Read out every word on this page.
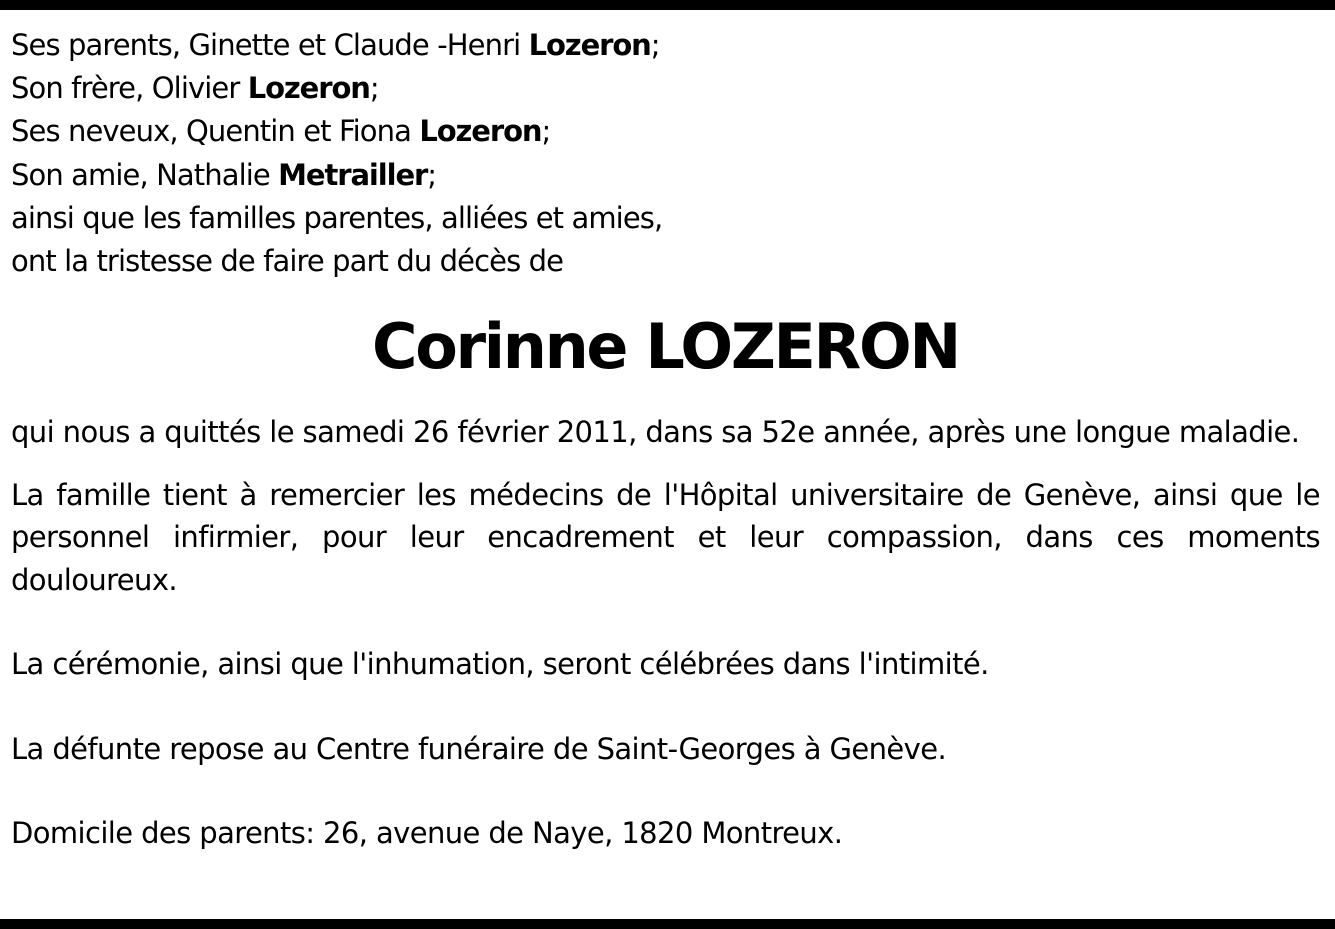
Ses parents, Ginette et Claude -Henri Lozeron;
Son frère, Olivier Lozeron;
Ses neveux, Quentin et Fiona Lozeron;
Son amie, Nathalie Metrailler;
ainsi que les familles parentes, alliées et amies,
ont la tristesse de faire part du décès de
Corinne LOZERON

qui nous a quittés le samedi 26 février 2011, dans sa 52e année, après une longue maladie.

La famille tient à remercier les médecins de l'Hôpital universitaire de Genève, ainsi que le personnel infirmier, pour leur encadrement et leur compassion, dans ces moments douloureux.

La cérémonie, ainsi que l'inhumation, seront célébrées dans l'intimité.

La défunte repose au Centre funéraire de Saint-Georges à Genève.

Domicile des parents: 26, avenue de Naye, 1820 Montreux.
